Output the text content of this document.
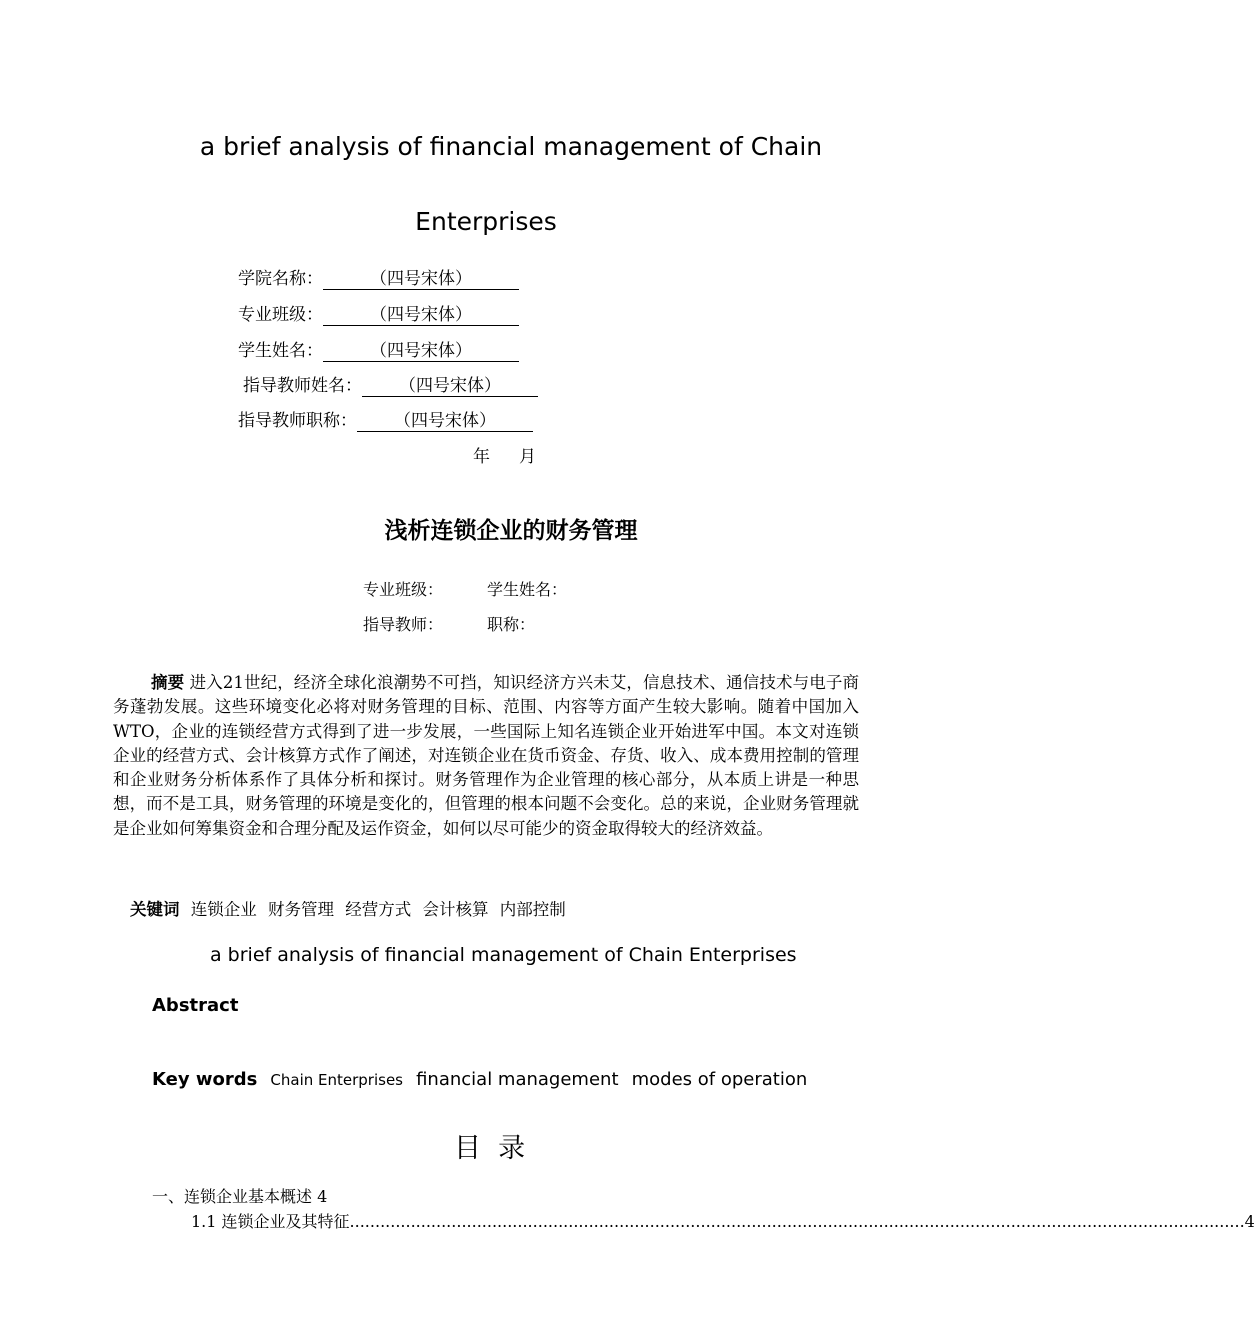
a brief analysis of financial management of Chain
Enterprises
学院名称：	（四号宋体）
专业班级：	（四号宋体）
学生姓名：	（四号宋体）
指导教师姓名： （四号宋体）
指导教师职称： （四号宋体）
年 月
浅析连锁企业的财务管理
专业班级：	学生姓名：
指导教师：	职称：
摘要 进入21世纪，经济全球化浪潮势不可挡，知识经济方兴未艾，信息技术、通信技术与电子商务蓬勃发展。这些环境变化必将对财务管理的目标、范围、内容等方面产生较大影响。随着中国加入WTO，企业的连锁经营方式得到了进一步发展，一些国际上知名连锁企业开始进军中国。本文对连锁企业的经营方式、会计核算方式作了阐述，对连锁企业在货币资金、存货、收入、成本费用控制的管理和企业财务分析体系作了具体分析和探讨。财务管理作为企业管理的核心部分，从本质上讲是一种思想，而不是工具，财务管理的环境是变化的，但管理的根本问题不会变化。总的来说，企业财务管理就是企业如何筹集资金和合理分配及运作资金，如何以尽可能少的资金取得较大的经济效益。
关键词 连锁企业 财务管理 经营方式 会计核算 内部控制
a brief analysis of financial management of Chain Enterprises
Abstract
Key words Chain Enterprises financial management modes of operation
目  录
一、连锁企业基本概述 4
1.1 连锁企业及其特征 ................................................................................................................................................................................ 4
